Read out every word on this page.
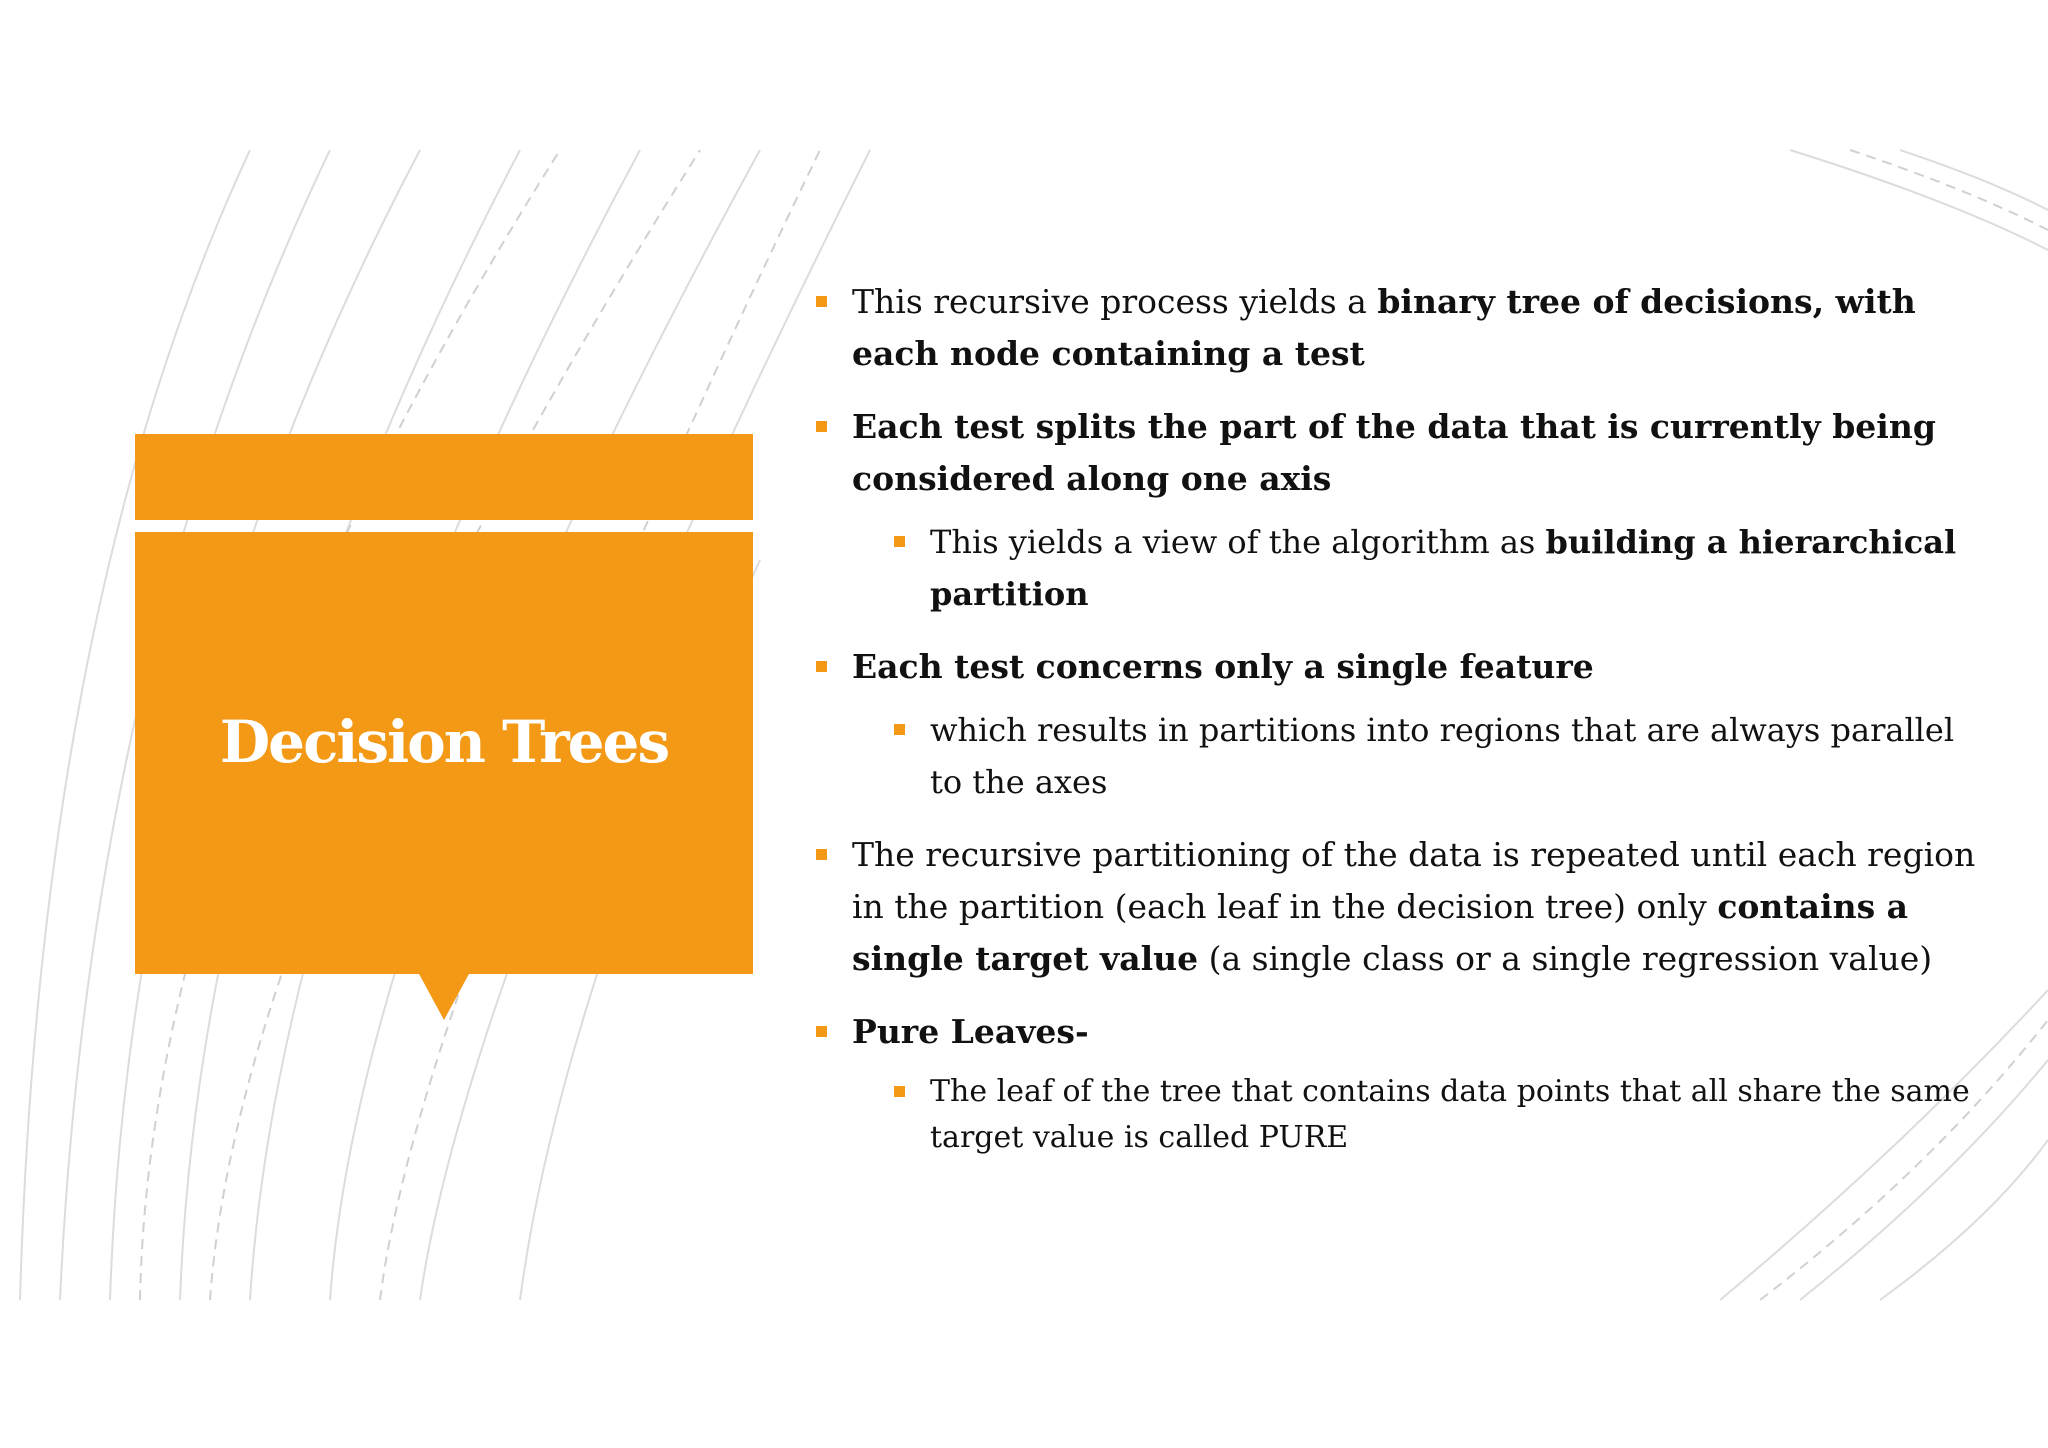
Decision Trees
This recursive process yields a binary tree of decisions, with each node containing a test
Each test splits the part of the data that is currently being considered along one axis
This yields a view of the algorithm as building a hierarchical partition
Each test concerns only a single feature
which results in partitions into regions that are always parallel to the axes
The recursive partitioning of the data is repeated until each region in the partition (each leaf in the decision tree) only contains a single target value (a single class or a single regression value)
Pure Leaves-
The leaf of the tree that contains data points that all share the same target value is called PURE
